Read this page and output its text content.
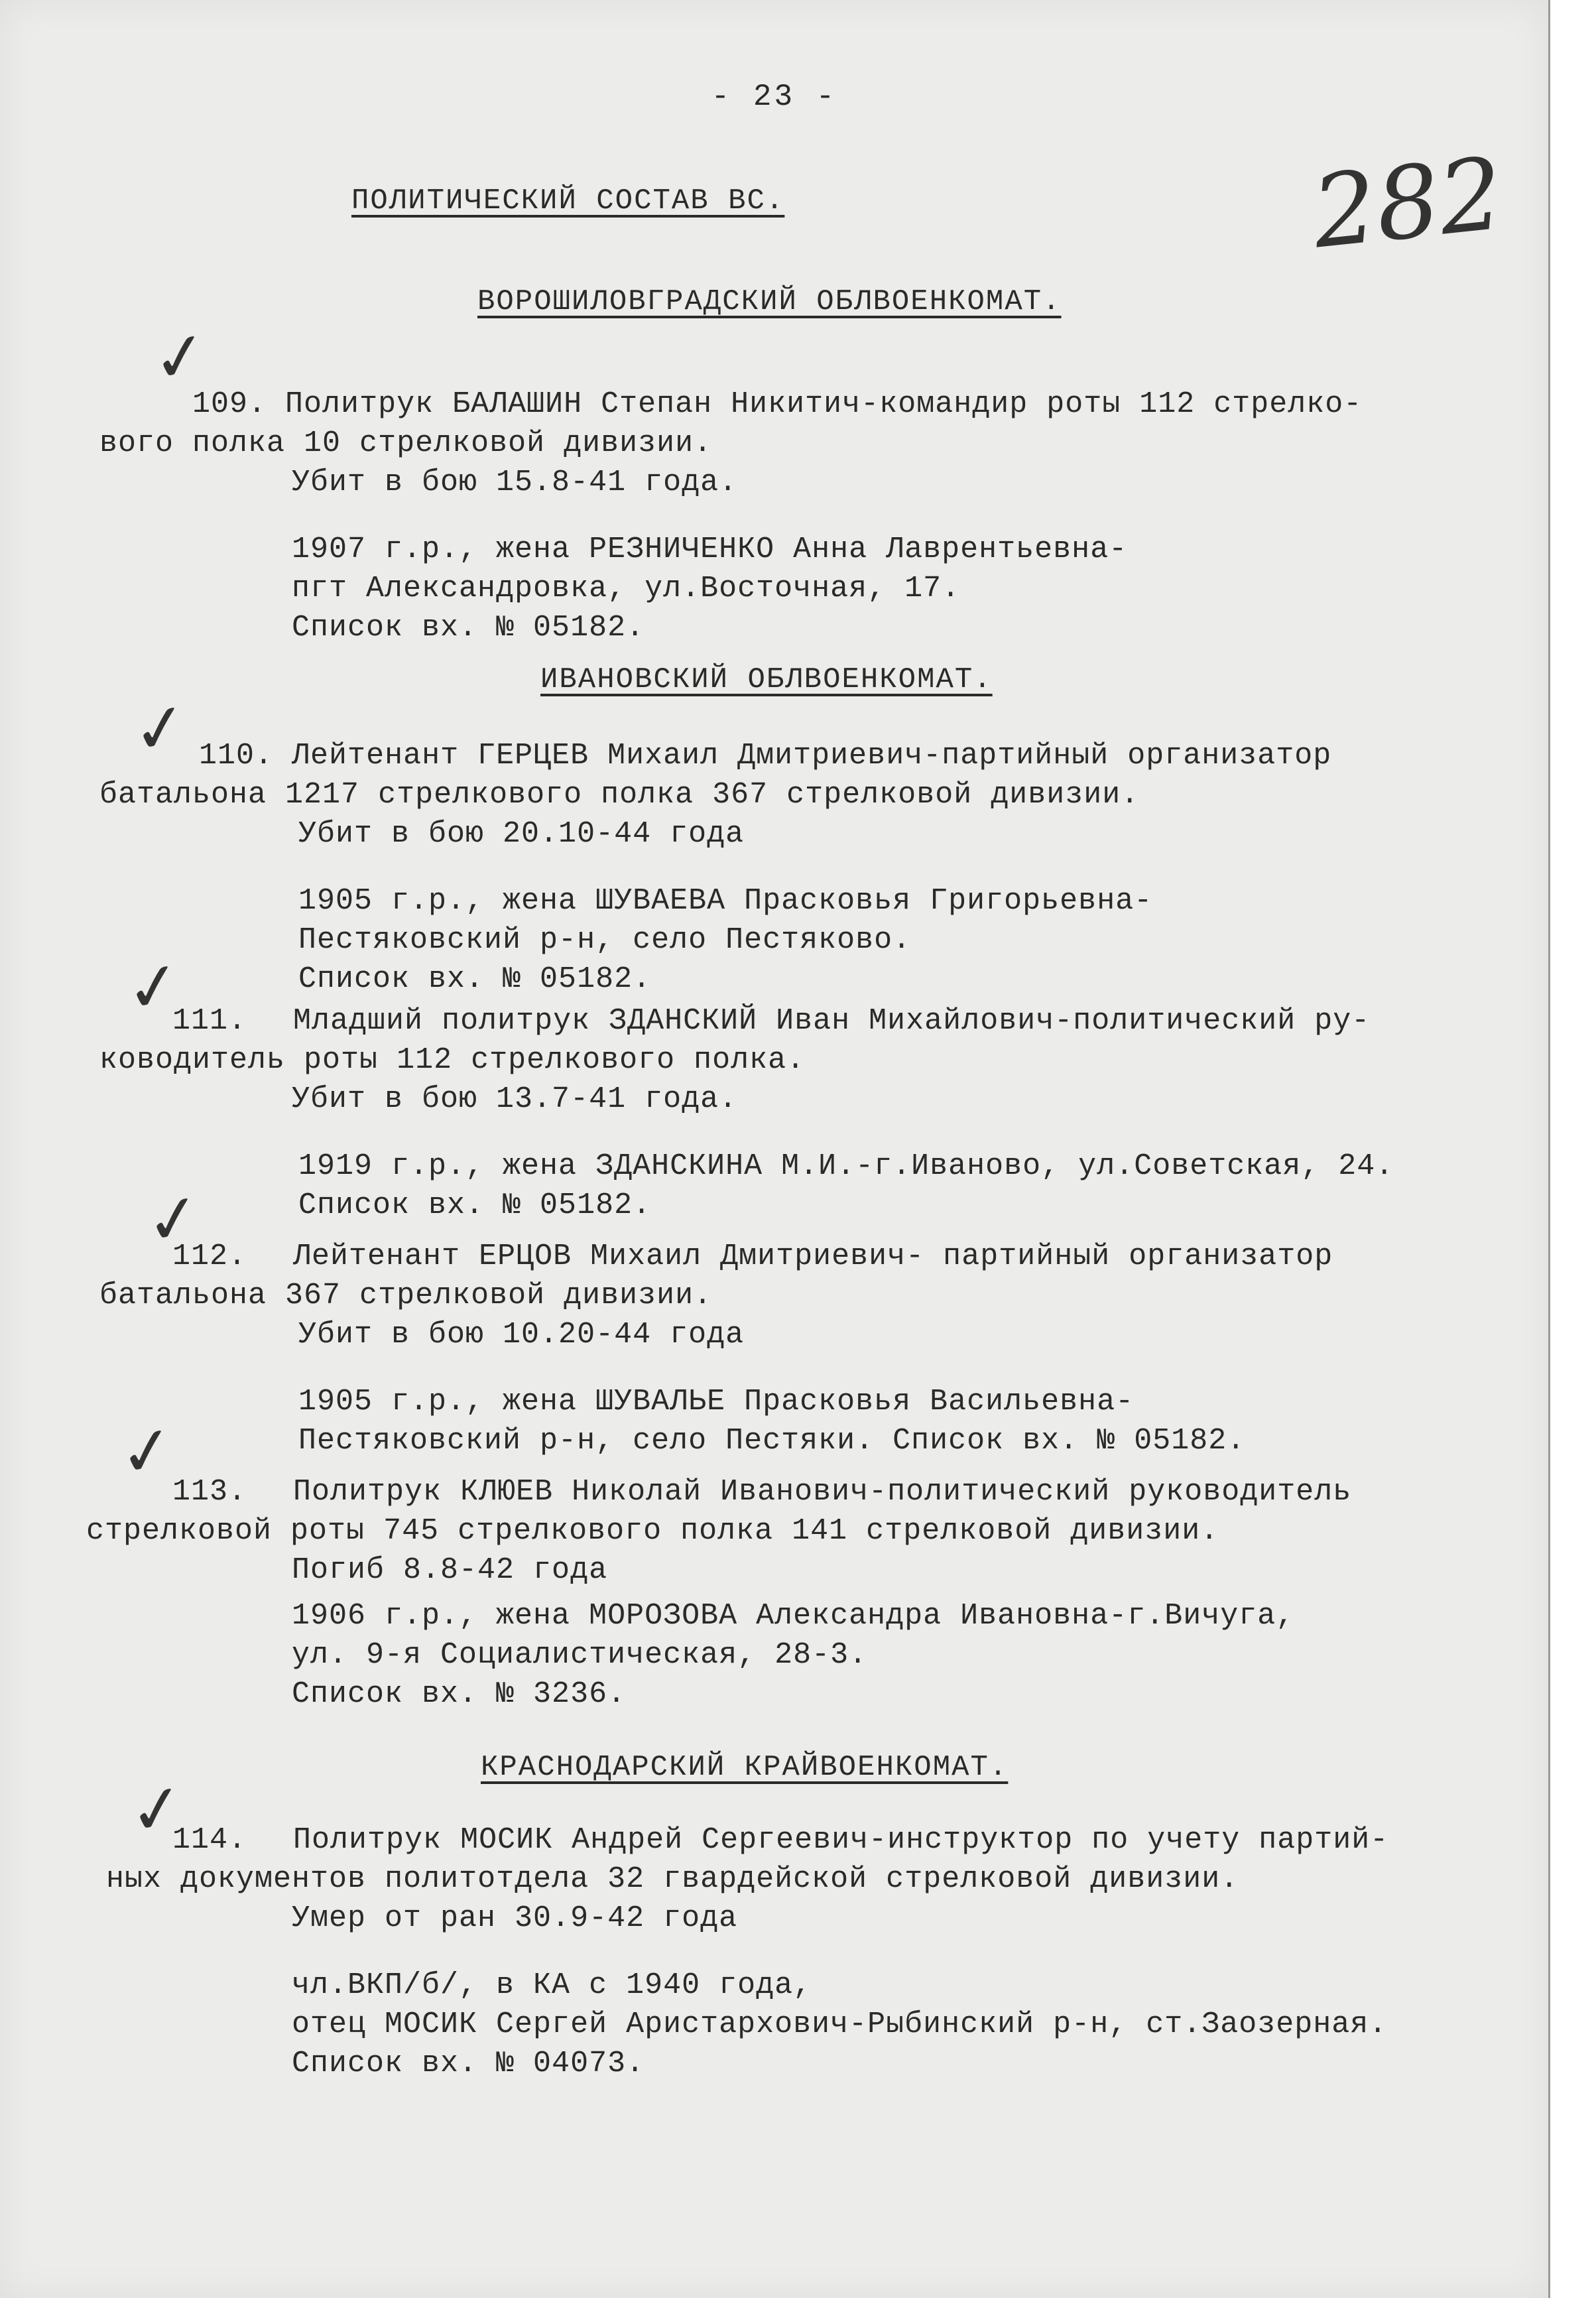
- 23 -
282
ПОЛИТИЧЕСКИЙ СОСТАВ ВС.
ВОРОШИЛОВГРАДСКИЙ ОБЛВОЕНКОМАТ.
✓
109. Политрук БАЛАШИН Степан Никитич-командир роты 112 стрелко-
вого полка 10 стрелковой дивизии.
Убит в бою 15.8-41 года.
1907 г.р., жена РЕЗНИЧЕНКО Анна Лаврентьевна-
пгт Александровка, ул.Восточная, 17.
Список вх. № 05182.
ИВАНОВСКИЙ ОБЛВОЕНКОМАТ.
✓ 110. Лейтенант ГЕРЦЕВ Михаил Дмитриевич-партийный организатор
батальона 1217 стрелкового полка 367 стрелковой дивизии.
Убит в бою 20.10-44 года
1905 г.р., жена ШУВАЕВА Прасковья Григорьевна-
Пестяковский р-н, село Пестяково.
Список вх. № 05182.
✓
111. Младший политрук ЗДАНСКИЙ Иван Михайлович-политический ру-
ководитель роты 112 стрелкового полка.
Убит в бою 13.7-41 года.
1919 г.р., жена ЗДАНСКИНА М.И.-г.Иваново, ул.Советская, 24.
Список вх. № 05182.
✓
112. Лейтенант ЕРЦОВ Михаил Дмитриевич- партийный организатор
батальона 367 стрелковой дивизии.
Убит в бою 10.20-44 года
1905 г.р., жена ШУВАЛЬЕ Прасковья Васильевна-
Пестяковский р-н, село Пестяки. Список вх. № 05182.
✓
113. Политрук КЛЮЕВ Николай Иванович-политический руководитель
стрелковой роты 745 стрелкового полка 141 стрелковой дивизии.
Погиб 8.8-42 года
1906 г.р., жена МОРОЗОВА Александра Ивановна-г.Вичуга,
ул. 9-я Социалистическая, 28-3.
Список вх. № 3236.
КРАСНОДАРСКИЙ КРАЙВОЕНКОМАТ.
✓
114. Политрук МОСИК Андрей Сергеевич-инструктор по учету партий-
ных документов политотдела 32 гвардейской стрелковой дивизии.
Умер от ран 30.9-42 года
чл.ВКП/б/, в КА с 1940 года,
отец МОСИК Сергей Аристархович-Рыбинский р-н, ст.Заозерная.
Список вх. № 04073.
